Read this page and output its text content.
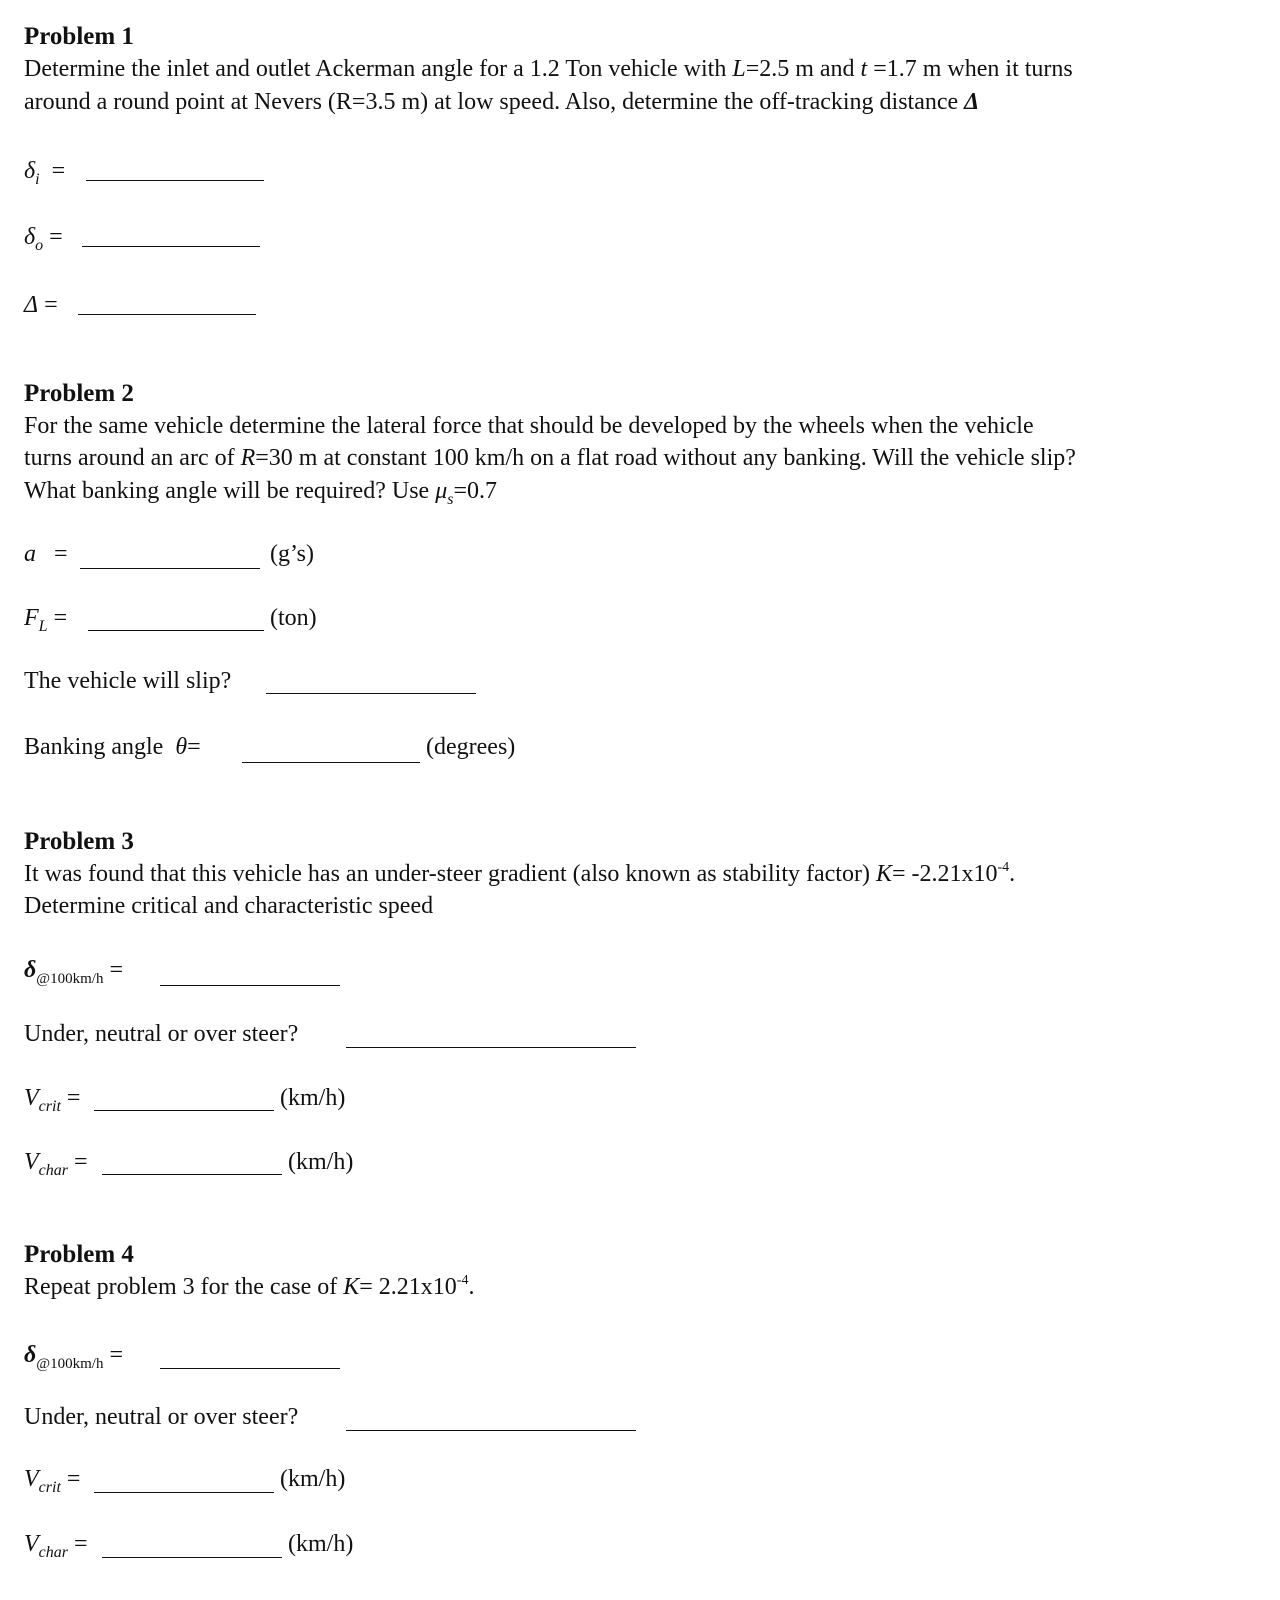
Problem 1
Determine the inlet and outlet Ackerman angle for a 1.2 Ton vehicle with L=2.5 m and t =1.7 m when it turns
around a round point at Nevers (R=3.5 m) at low speed. Also, determine the off-tracking distance Δ
$\delta_i$ =
$\delta_o$ =
Δ =
Problem 2
For the same vehicle determine the lateral force that should be developed by the wheels when the vehicle
turns around an arc of R=30 m at constant 100 km/h on a flat road without any banking. Will the vehicle slip?
What banking angle will be required? Use $\mu_s=0.7$
a =	(g’s)
$F_L$ =	(ton)
The vehicle will slip?
Banking angle θ=	(degrees)
Problem 3
It was found that this vehicle has an under-steer gradient (also known as stability factor) $K= -2.21x10^{-4}$.
Determine critical and characteristic speed
$\delta_{@100km/h}$ =
Under, neutral or over steer?
$V_{crit}$ =	(km/h)
$V_{char}$ =	(km/h)
Problem 4
Repeat problem 3 for the case of $K= 2.21x10^{-4}$.
$\delta_{@100km/h}$ =
Under, neutral or over steer?
$V_{crit}$ =	(km/h)
$V_{char}$ =	(km/h)
